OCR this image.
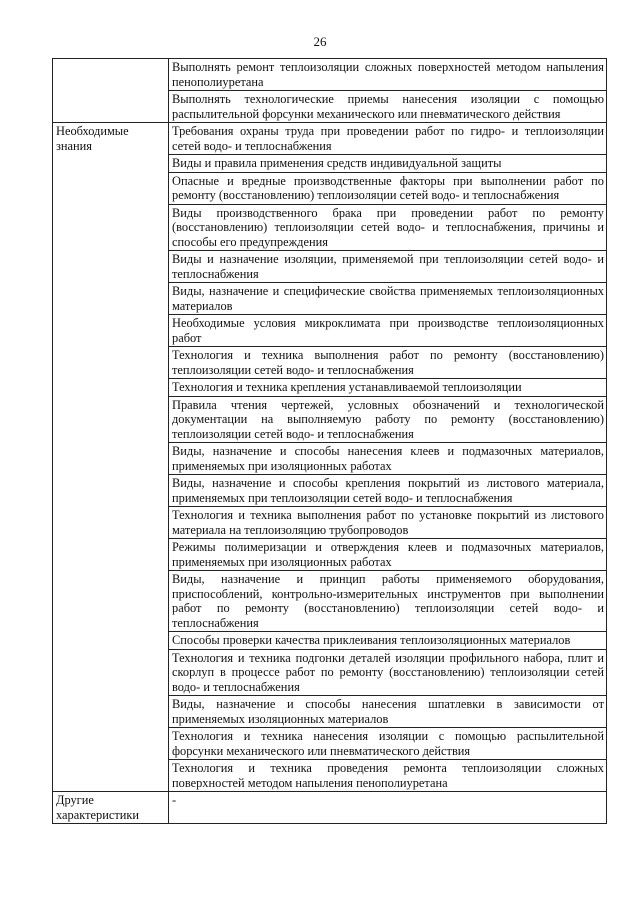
26
	Выполнять ремонт теплоизоляции сложных поверхностей методом напыления пенополиуретана
	Выполнять технологические приемы нанесения изоляции с помощью распылительной форсунки механического или пневматического действия
Необходимые знания	Требования охраны труда при проведении работ по гидро- и теплоизоляции сетей водо- и теплоснабжения
	Виды и правила применения средств индивидуальной защиты
	Опасные и вредные производственные факторы при выполнении работ по ремонту (восстановлению) теплоизоляции сетей водо- и теплоснабжения
	Виды производственного брака при проведении работ по ремонту (восстановлению) теплоизоляции сетей водо- и теплоснабжения, причины и способы его предупреждения
	Виды и назначение изоляции, применяемой при теплоизоляции сетей водо- и теплоснабжения
	Виды, назначение и специфические свойства применяемых теплоизоляционных материалов
	Необходимые условия микроклимата при производстве теплоизоляционных работ
	Технология и техника выполнения работ по ремонту (восстановлению) теплоизоляции сетей водо- и теплоснабжения
	Технология и техника крепления устанавливаемой теплоизоляции
	Правила чтения чертежей, условных обозначений и технологической документации на выполняемую работу по ремонту (восстановлению) теплоизоляции сетей водо- и теплоснабжения
	Виды, назначение и способы нанесения клеев и подмазочных материалов, применяемых при изоляционных работах
	Виды, назначение и способы крепления покрытий из листового материала, применяемых при теплоизоляции сетей водо- и теплоснабжения
	Технология и техника выполнения работ по установке покрытий из листового материала на теплоизоляцию трубопроводов
	Режимы полимеризации и отверждения клеев и подмазочных материалов, применяемых при изоляционных работах
	Виды, назначение и принцип работы применяемого оборудования, приспособлений, контрольно-измерительных инструментов при выполнении работ по ремонту (восстановлению) теплоизоляции сетей водо- и теплоснабжения
	Способы проверки качества приклеивания теплоизоляционных материалов
	Технология и техника подгонки деталей изоляции профильного набора, плит и скорлуп в процессе работ по ремонту (восстановлению) теплоизоляции сетей водо- и теплоснабжения
	Виды, назначение и способы нанесения шпатлевки в зависимости от применяемых изоляционных материалов
	Технология и техника нанесения изоляции с помощью распылительной форсунки механического или пневматического действия
	Технология и техника проведения ремонта теплоизоляции сложных поверхностей методом напыления пенополиуретана
Другие характеристики	-
